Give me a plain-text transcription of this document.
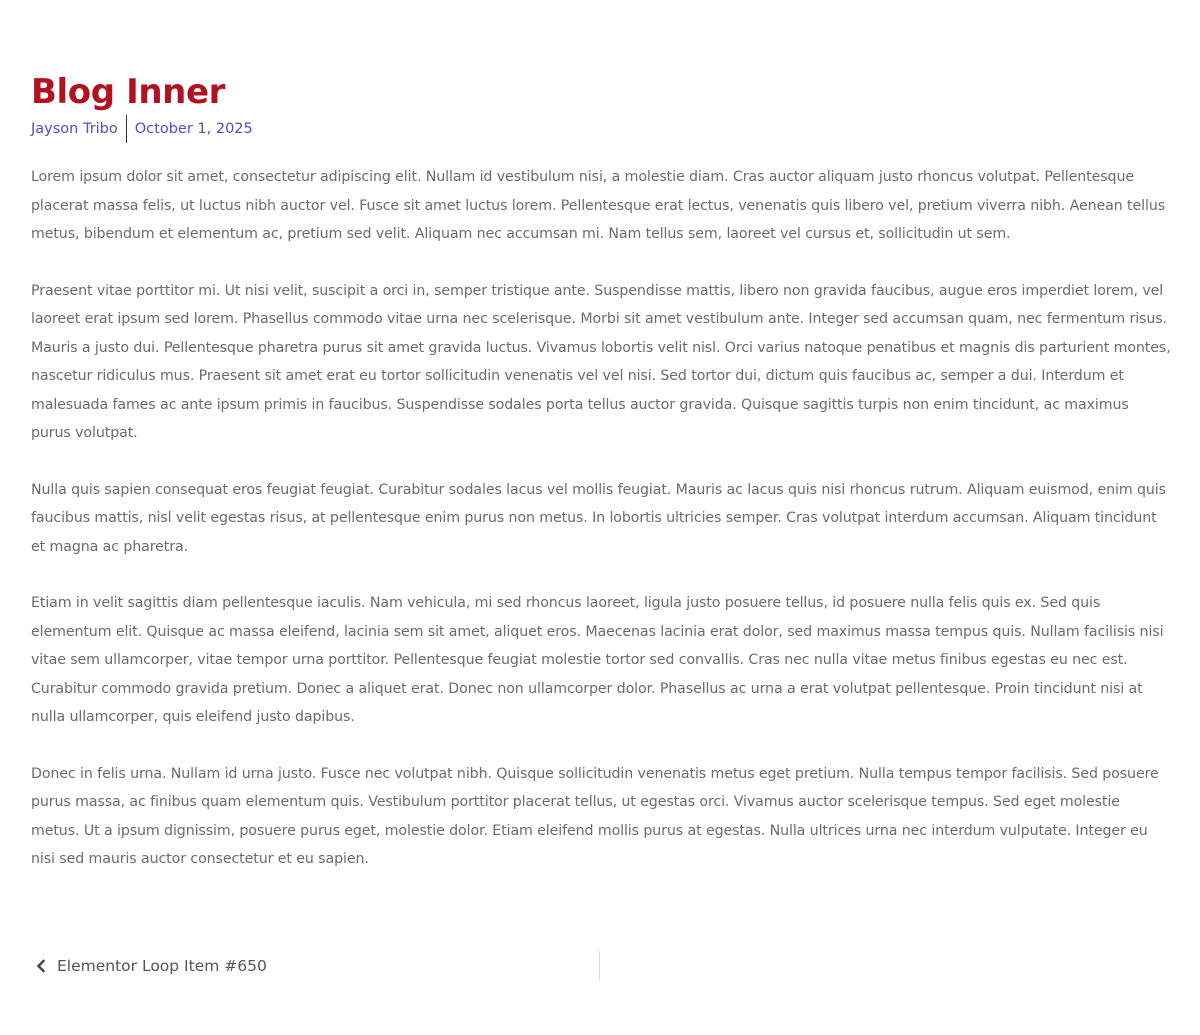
Blog Inner
Jayson Tribo October 1, 2025

Lorem ipsum dolor sit amet, consectetur adipiscing elit. Nullam id vestibulum nisi, a molestie diam. Cras auctor aliquam justo rhoncus volutpat. Pellentesque placerat massa felis, ut luctus nibh auctor vel. Fusce sit amet luctus lorem. Pellentesque erat lectus, venenatis quis libero vel, pretium viverra nibh. Aenean tellus metus, bibendum et elementum ac, pretium sed velit. Aliquam nec accumsan mi. Nam tellus sem, laoreet vel cursus et, sollicitudin ut sem.

Praesent vitae porttitor mi. Ut nisi velit, suscipit a orci in, semper tristique ante. Suspendisse mattis, libero non gravida faucibus, augue eros imperdiet lorem, vel laoreet erat ipsum sed lorem. Phasellus commodo vitae urna nec scelerisque. Morbi sit amet vestibulum ante. Integer sed accumsan quam, nec fermentum risus. Mauris a justo dui. Pellentesque pharetra purus sit amet gravida luctus. Vivamus lobortis velit nisl. Orci varius natoque penatibus et magnis dis parturient montes, nascetur ridiculus mus. Praesent sit amet erat eu tortor sollicitudin venenatis vel vel nisi. Sed tortor dui, dictum quis faucibus ac, semper a dui. Interdum et malesuada fames ac ante ipsum primis in faucibus. Suspendisse sodales porta tellus auctor gravida. Quisque sagittis turpis non enim tincidunt, ac maximus purus volutpat.

Nulla quis sapien consequat eros feugiat feugiat. Curabitur sodales lacus vel mollis feugiat. Mauris ac lacus quis nisi rhoncus rutrum. Aliquam euismod, enim quis faucibus mattis, nisl velit egestas risus, at pellentesque enim purus non metus. In lobortis ultricies semper. Cras volutpat interdum accumsan. Aliquam tincidunt et magna ac pharetra.

Etiam in velit sagittis diam pellentesque iaculis. Nam vehicula, mi sed rhoncus laoreet, ligula justo posuere tellus, id posuere nulla felis quis ex. Sed quis elementum elit. Quisque ac massa eleifend, lacinia sem sit amet, aliquet eros. Maecenas lacinia erat dolor, sed maximus massa tempus quis. Nullam facilisis nisi vitae sem ullamcorper, vitae tempor urna porttitor. Pellentesque feugiat molestie tortor sed convallis. Cras nec nulla vitae metus finibus egestas eu nec est. Curabitur commodo gravida pretium. Donec a aliquet erat. Donec non ullamcorper dolor. Phasellus ac urna a erat volutpat pellentesque. Proin tincidunt nisi at nulla ullamcorper, quis eleifend justo dapibus.

Donec in felis urna. Nullam id urna justo. Fusce nec volutpat nibh. Quisque sollicitudin venenatis metus eget pretium. Nulla tempus tempor facilisis. Sed posuere purus massa, ac finibus quam elementum quis. Vestibulum porttitor placerat tellus, ut egestas orci. Vivamus auctor scelerisque tempus. Sed eget molestie metus. Ut a ipsum dignissim, posuere purus eget, molestie dolor. Etiam eleifend mollis purus at egestas. Nulla ultrices urna nec interdum vulputate. Integer eu nisi sed mauris auctor consectetur et eu sapien.

Elementor Loop Item #650
